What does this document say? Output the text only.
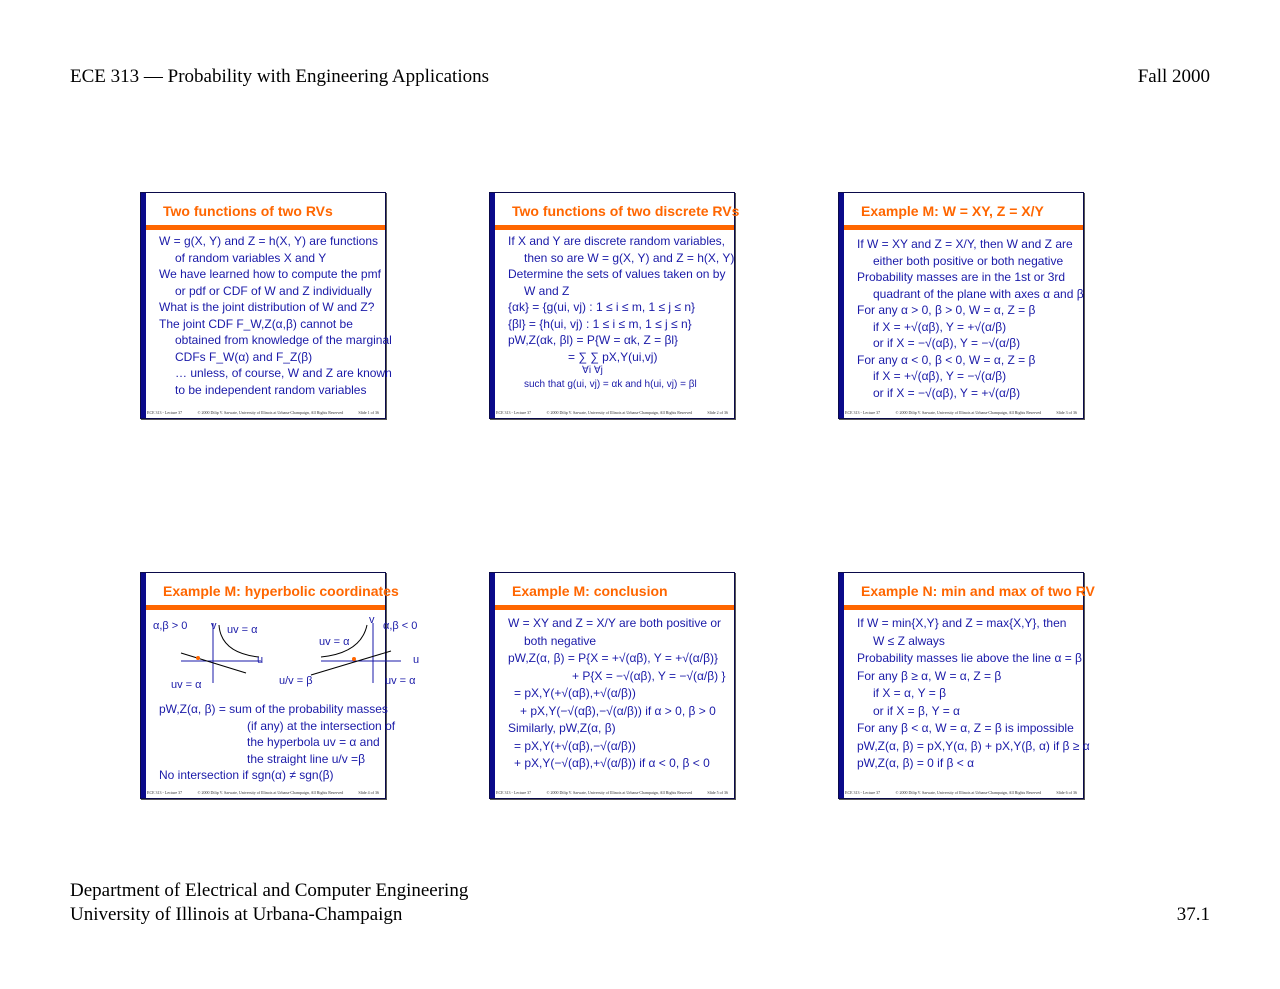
ECE 313 — Probability with Engineering Applications	Fall 2000
Two functions of two RVs
W = g(X, Y) and Z = h(X, Y) are functions
of random variables X and Y
We have learned how to compute the pmf
or pdf or CDF of W and Z individually
What is the joint distribution of W and Z?
The joint CDF F_W,Z(α,β) cannot be
obtained from knowledge of the marginal
CDFs F_W(α) and F_Z(β)
… unless, of course, W and Z are known
to be independent random variables
ECE 313 - Lecture 37	© 2000 Dilip V. Sarwate, University of Illinois at Urbana-Champaign, All Rights Reserved	Slide 1 of 36
Two functions of two discrete RVs
If X and Y are discrete random variables,
then so are W = g(X, Y) and Z = h(X, Y)
Determine the sets of values taken on by
W and Z
{αk} = {g(ui, vj) : 1 ≤ i ≤ m, 1 ≤ j ≤ n}
{βl} = {h(ui, vj) : 1 ≤ i ≤ m, 1 ≤ j ≤ n}
pW,Z(αk, βl) = P{W = αk, Z = βl}
= ∑ ∑ pX,Y(ui,vj)
∀i ∀j
such that g(ui, vj) = αk and h(ui, vj) = βl
ECE 313 - Lecture 37	© 2000 Dilip V. Sarwate, University of Illinois at Urbana-Champaign, All Rights Reserved	Slide 2 of 36
Example M: W = XY, Z = X/Y
If W = XY and Z = X/Y, then W and Z are
either both positive or both negative
Probability masses are in the 1st or 3rd
quadrant of the plane with axes α and β
For any α > 0, β > 0, W = α, Z = β
if X = +√(αβ), Y = +√(α/β)
or if X = −√(αβ), Y = −√(α/β)
For any α < 0, β < 0, W = α, Z = β
if X = +√(αβ), Y = −√(α/β)
or if X = −√(αβ), Y = +√(α/β)
ECE 313 - Lecture 37	© 2000 Dilip V. Sarwate, University of Illinois at Urbana-Champaign, All Rights Reserved	Slide 3 of 36
Example M: hyperbolic coordinates
α,β > 0 v uv = α	α,β < 0
v
uv = α
u	u
u/v = β
uv = α	uv = α
pW,Z(α, β) = sum of the probability masses
(if any) at the intersection of
the hyperbola uv = α and
the straight line u/v =β
No intersection if sgn(α) ≠ sgn(β)
ECE 313 - Lecture 37	© 2000 Dilip V. Sarwate, University of Illinois at Urbana-Champaign, All Rights Reserved	Slide 4 of 36
Example M: conclusion
W = XY and Z = X/Y are both positive or
both negative
pW,Z(α, β) = P{X = +√(αβ), Y = +√(α/β)}
+ P{X = −√(αβ), Y = −√(α/β) }
= pX,Y(+√(αβ),+√(α/β))
+ pX,Y(−√(αβ),−√(α/β)) if α > 0, β > 0
Similarly, pW,Z(α, β)
= pX,Y(+√(αβ),−√(α/β))
+ pX,Y(−√(αβ),+√(α/β)) if α < 0, β < 0
ECE 313 - Lecture 37	© 2000 Dilip V. Sarwate, University of Illinois at Urbana-Champaign, All Rights Reserved	Slide 5 of 36
Example N: min and max of two RV
If W = min{X,Y} and Z = max{X,Y}, then
W ≤ Z always
Probability masses lie above the line α = β
For any β ≥ α, W = α, Z = β
if X = α, Y = β
or if X = β, Y = α
For any β < α, W = α, Z = β is impossible
pW,Z(α, β) = pX,Y(α, β) + pX,Y(β, α) if β ≥ α
pW,Z(α, β) = 0 if β < α
ECE 313 - Lecture 37	© 2000 Dilip V. Sarwate, University of Illinois at Urbana-Champaign, All Rights Reserved	Slide 6 of 36
Department of Electrical and Computer Engineering
University of Illinois at Urbana-Champaign	37.1
